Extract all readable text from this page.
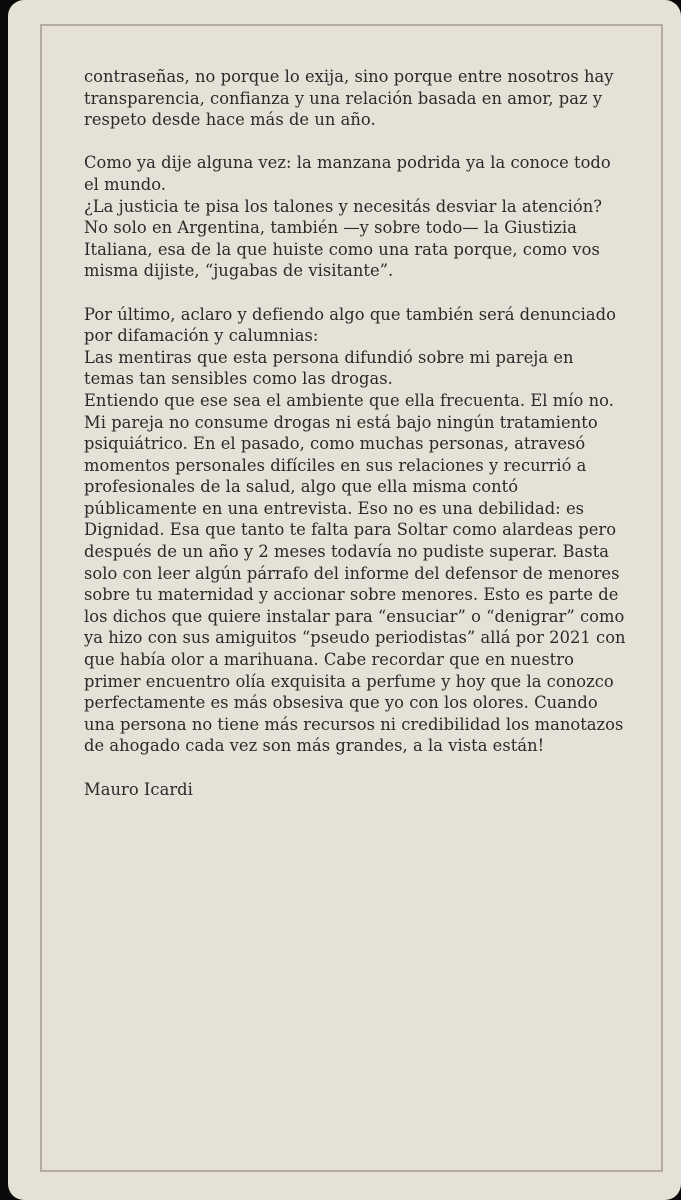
contraseñas, no porque lo exija, sino porque entre nosotros hay
transparencia, confianza y una relación basada en amor, paz y
respeto desde hace más de un año.
Como ya dije alguna vez: la manzana podrida ya la conoce todo
el mundo.
¿La justicia te pisa los talones y necesitás desviar la atención?
No solo en Argentina, también —y sobre todo— la Giustizia
Italiana, esa de la que huiste como una rata porque, como vos
misma dijiste, “jugabas de visitante”.
Por último, aclaro y defiendo algo que también será denunciado
por difamación y calumnias:
Las mentiras que esta persona difundió sobre mi pareja en
temas tan sensibles como las drogas.
Entiendo que ese sea el ambiente que ella frecuenta. El mío no.
Mi pareja no consume drogas ni está bajo ningún tratamiento
psiquiátrico. En el pasado, como muchas personas, atravesó
momentos personales difíciles en sus relaciones y recurrió a
profesionales de la salud, algo que ella misma contó
públicamente en una entrevista. Eso no es una debilidad: es
Dignidad. Esa que tanto te falta para Soltar como alardeas pero
después de un año y 2 meses todavía no pudiste superar. Basta
solo con leer algún párrafo del informe del defensor de menores
sobre tu maternidad y accionar sobre menores. Esto es parte de
los dichos que quiere instalar para “ensuciar” o “denigrar” como
ya hizo con sus amiguitos “pseudo periodistas” allá por 2021 con
que había olor a marihuana. Cabe recordar que en nuestro
primer encuentro olía exquisita a perfume y hoy que la conozco
perfectamente es más obsesiva que yo con los olores. Cuando
una persona no tiene más recursos ni credibilidad los manotazos
de ahogado cada vez son más grandes, a la vista están!
Mauro Icardi
